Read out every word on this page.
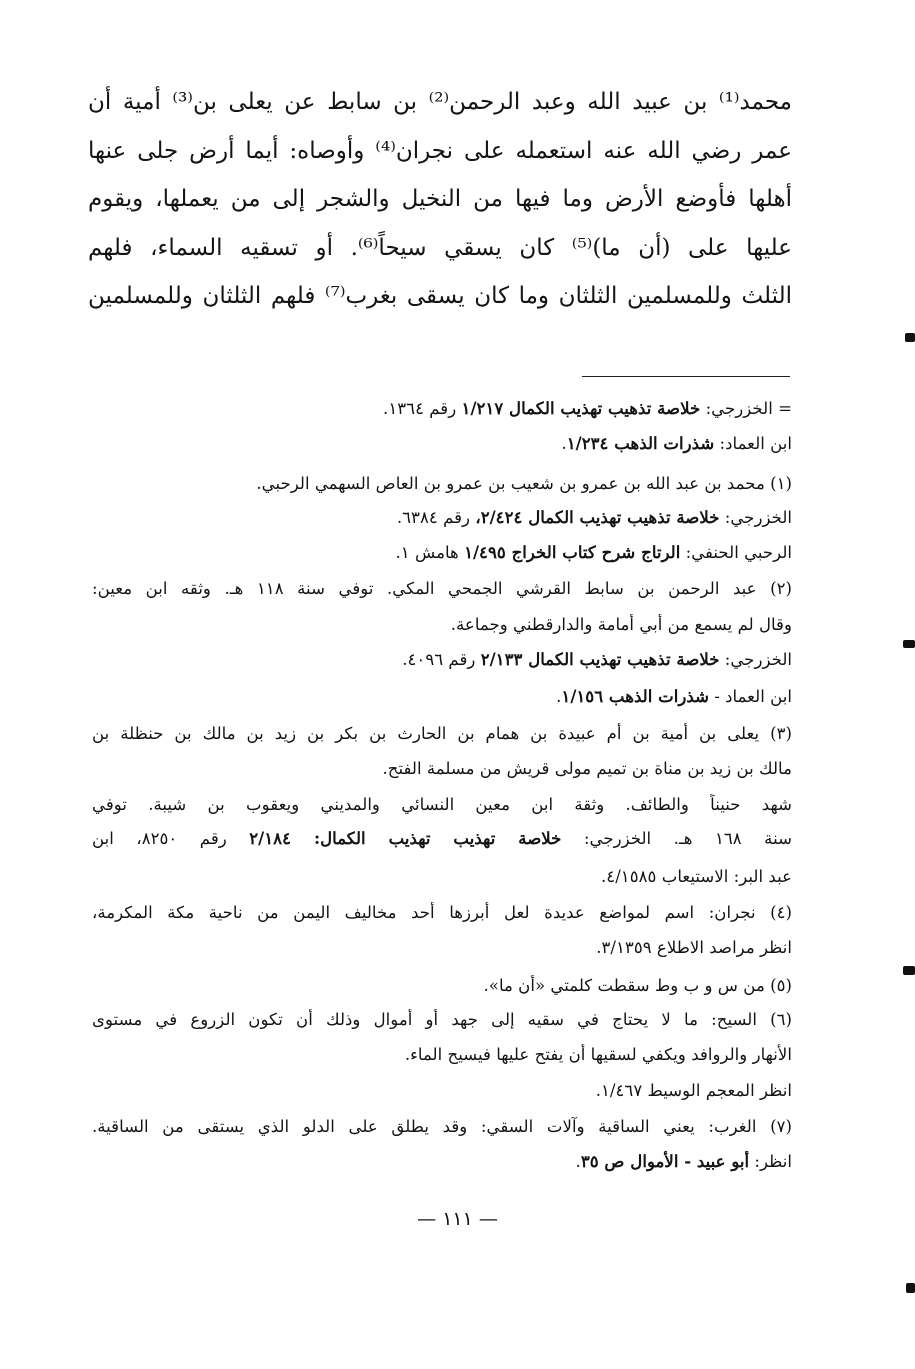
محمد⁽¹⁾ بن عبيد الله وعبد الرحمن⁽²⁾ بن سابط عن يعلى بن⁽³⁾ أمية أن
عمر رضي الله عنه استعمله على نجران⁽⁴⁾ وأوصاه: أيما أرض جلى عنها
أهلها فأوضع الأرض وما فيها من النخيل والشجر إلى من يعملها، ويقوم
عليها على (أن ما)⁽⁵⁾ كان يسقي سيحاً⁽⁶⁾. أو تسقيه السماء، فلهم
الثلث وللمسلمين الثلثان وما كان يسقى بغرب⁽⁷⁾ فلهم الثلثان وللمسلمين
= الخزرجي: خلاصة تذهيب تهذيب الكمال ١/٢١٧ رقم ١٣٦٤.
ابن العماد: شذرات الذهب ١/٢٣٤.
(١) محمد بن عبد الله بن عمرو بن شعيب بن عمرو بن العاص السهمي الرحبي.
الخزرجي: خلاصة تذهيب تهذيب الكمال ٢/٤٢٤، رقم ٦٣٨٤.
الرحبي الحنفي: الرتاج شرح كتاب الخراج ١/٤٩٥ هامش ١.
(٢) عبد الرحمن بن سابط القرشي الجمحي المكي. توفي سنة ١١٨ هـ. وثقه ابن معين:
وقال لم يسمع من أبي أمامة والدارقطني وجماعة.
الخزرجي: خلاصة تذهيب تهذيب الكمال ٢/١٣٣ رقم ٤٠٩٦.
ابن العماد - شذرات الذهب ١/١٥٦.
(٣) يعلى بن أمية بن أم عبيدة بن همام بن الحارث بن بكر بن زيد بن مالك بن حنظلة بن
مالك بن زيد بن مناة بن تميم مولى قريش من مسلمة الفتح.
شهد حنيناً والطائف. وثقة ابن معين النسائي والمديني ويعقوب بن شيبة. توفي
سنة ١٦٨ هـ. الخزرجي: خلاصة تهذيب تهذيب الكمال: ٢/١٨٤ رقم ٨٢٥٠، ابن
عبد البر: الاستيعاب ٤/١٥٨٥.
(٤) نجران: اسم لمواضع عديدة لعل أبرزها أحد مخاليف اليمن من ناحية مكة المكرمة،
انظر مراصد الاطلاع ٣/١٣٥٩.
(٥) من س و ب وط سقطت كلمتي «أن ما».
(٦) السيح: ما لا يحتاج في سقيه إلى جهد أو أموال وذلك أن تكون الزروع في مستوى
الأنهار والروافد ويكفي لسقيها أن يفتح عليها فيسيح الماء.
انظر المعجم الوسيط ١/٤٦٧.
(٧) الغرب: يعني الساقية وآلات السقي: وقد يطلق على الدلو الذي يستقى من الساقية.
انظر: أبو عبيد - الأموال ص ٣٥.
— ١١١ —
